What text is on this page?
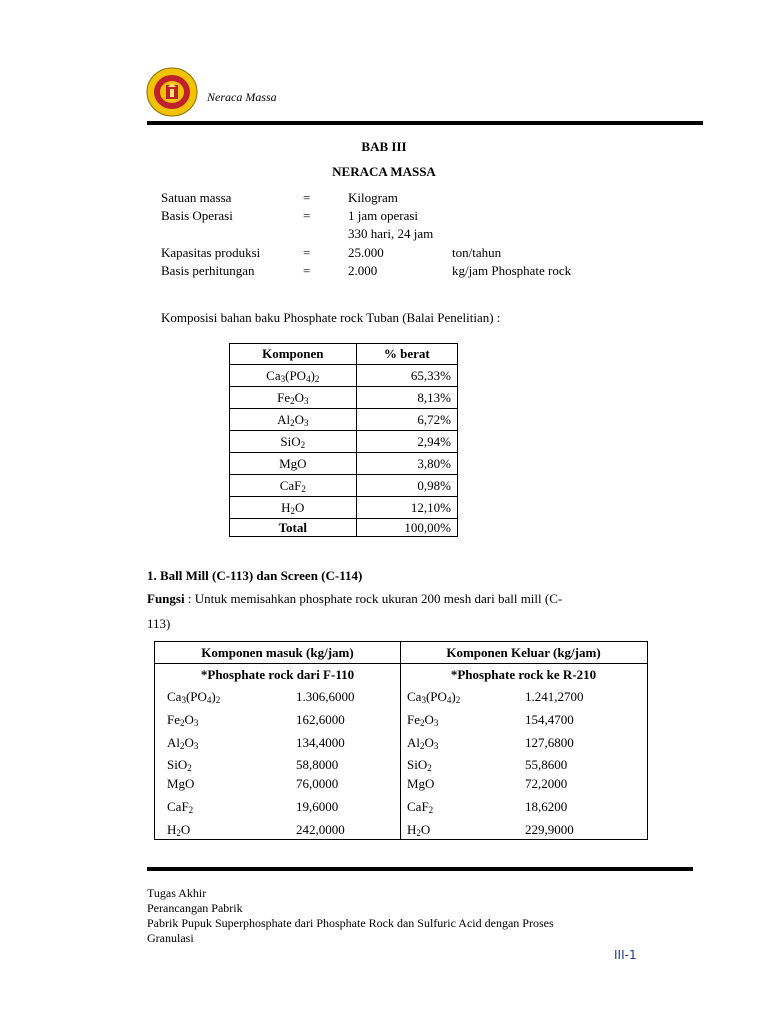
Neraca Massa
BAB III
NERACA MASSA
Satuan massa	=	Kilogram
Basis Operasi	=	1 jam operasi
330 hari, 24 jam
Kapasitas produksi	=	25.000	ton/tahun
Basis perhitungan	=	2.000	kg/jam Phosphate rock
Komposisi bahan baku Phosphate rock Tuban (Balai Penelitian) :
Komponen	% berat
$Ca_3(PO_4)_2$	65,33%
$Fe_2O_3$	8,13%
$Al_2O_3$	6,72%
SiO$_2$	2,94%
MgO	3,80%
CaF$_2$	0,98%
$H_2O$	12,10%
Total	100,00%
1. Ball Mill (C-113) dan Screen (C-114)
Fungsi : Untuk memisahkan phosphate rock ukuran 200 mesh dari ball mill (C-
113)
Komponen masuk (kg/jam)	Komponen Keluar (kg/jam)
*Phosphate rock dari F-110	*Phosphate rock ke R-210
$Ca_3(PO_4)_2$	1.306,6000	$Ca_3(PO_4)_2$	1.241,2700
$Fe_2O_3$	162,6000	$Fe_2O_3$	154,4700
$Al_2O_3$	134,4000	$Al_2O_3$	127,6800
SiO$_2$	58,8000	SiO$_2$	55,8600
MgO	76,0000	MgO	72,2000
CaF$_2$	19,6000	CaF$_2$	18,6200
$H_2O$	242,0000	$H_2O$	229,9000
Tugas Akhir
Perancangan Pabrik
Pabrik Pupuk Superphosphate dari Phosphate Rock dan Sulfuric Acid dengan Proses
Granulasi
III-1
